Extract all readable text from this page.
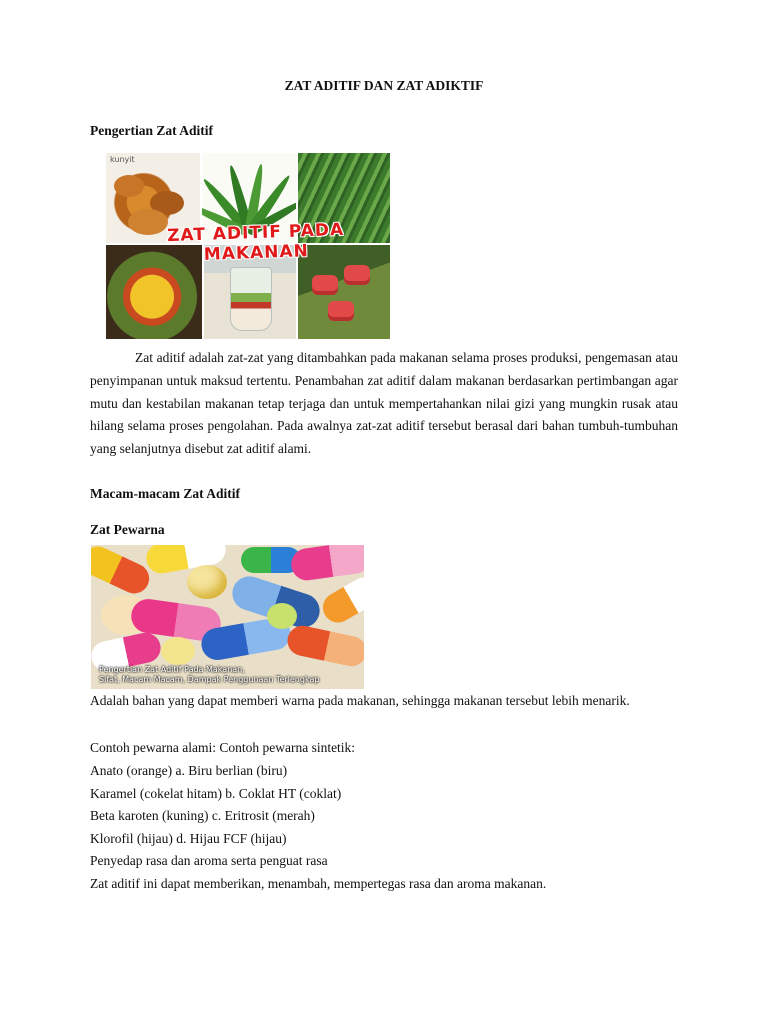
ZAT ADITIF DAN ZAT ADIKTIF
Pengertian Zat Aditif
kunyit
ZAT ADITIF PADA
MAKANAN

Zat aditif adalah zat-zat yang ditambahkan pada makanan selama proses produksi, pengemasan atau penyimpanan untuk maksud tertentu. Penambahan zat aditif dalam makanan berdasarkan pertimbangan agar mutu dan kestabilan makanan tetap terjaga dan untuk mempertahankan nilai gizi yang mungkin rusak atau hilang selama proses pengolahan. Pada awalnya zat-zat aditif tersebut berasal dari bahan tumbuh-tumbuhan yang selanjutnya disebut zat aditif alami.

Macam-macam Zat Aditif
Zat Pewarna
Pengertian Zat Aditif Pada Makanan,
Sifat, Macam Macam, Dampak Penggunaan Terlengkap

Adalah bahan yang dapat memberi warna pada makanan, sehingga makanan tersebut lebih menarik.

Contoh pewarna alami: Contoh pewarna sintetik:
Anato (orange) a. Biru berlian (biru)
Karamel (cokelat hitam) b. Coklat HT (coklat)
Beta karoten (kuning) c. Eritrosit (merah)
Klorofil (hijau) d. Hijau FCF (hijau)
Penyedap rasa dan aroma serta penguat rasa
Zat aditif ini dapat memberikan, menambah, mempertegas rasa dan aroma makanan.
